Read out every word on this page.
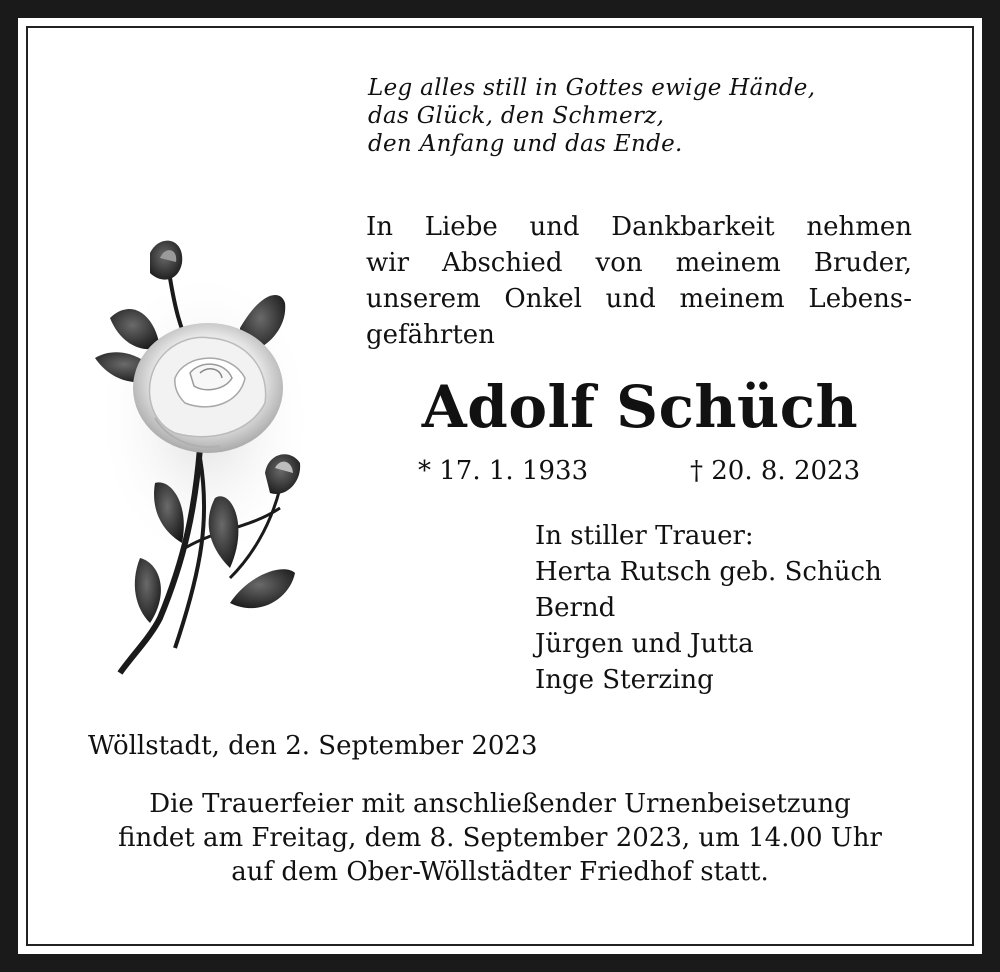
Leg alles still in Gottes ewige Hände,
das Glück, den Schmerz,
den Anfang und das Ende.
In Liebe und Dankbarkeit nehmen
wir Abschied von meinem Bruder,
unserem Onkel und meinem Lebens-
gefährten
Adolf Schüch
* 17. 1. 1933	† 20. 8. 2023
In stiller Trauer:
Herta Rutsch geb. Schüch
Bernd
Jürgen und Jutta
Inge Sterzing
Wöllstadt, den 2. September 2023
Die Trauerfeier mit anschließender Urnenbeisetzung
findet am Freitag, dem 8. September 2023, um 14.00 Uhr
auf dem Ober-Wöllstädter Friedhof statt.
